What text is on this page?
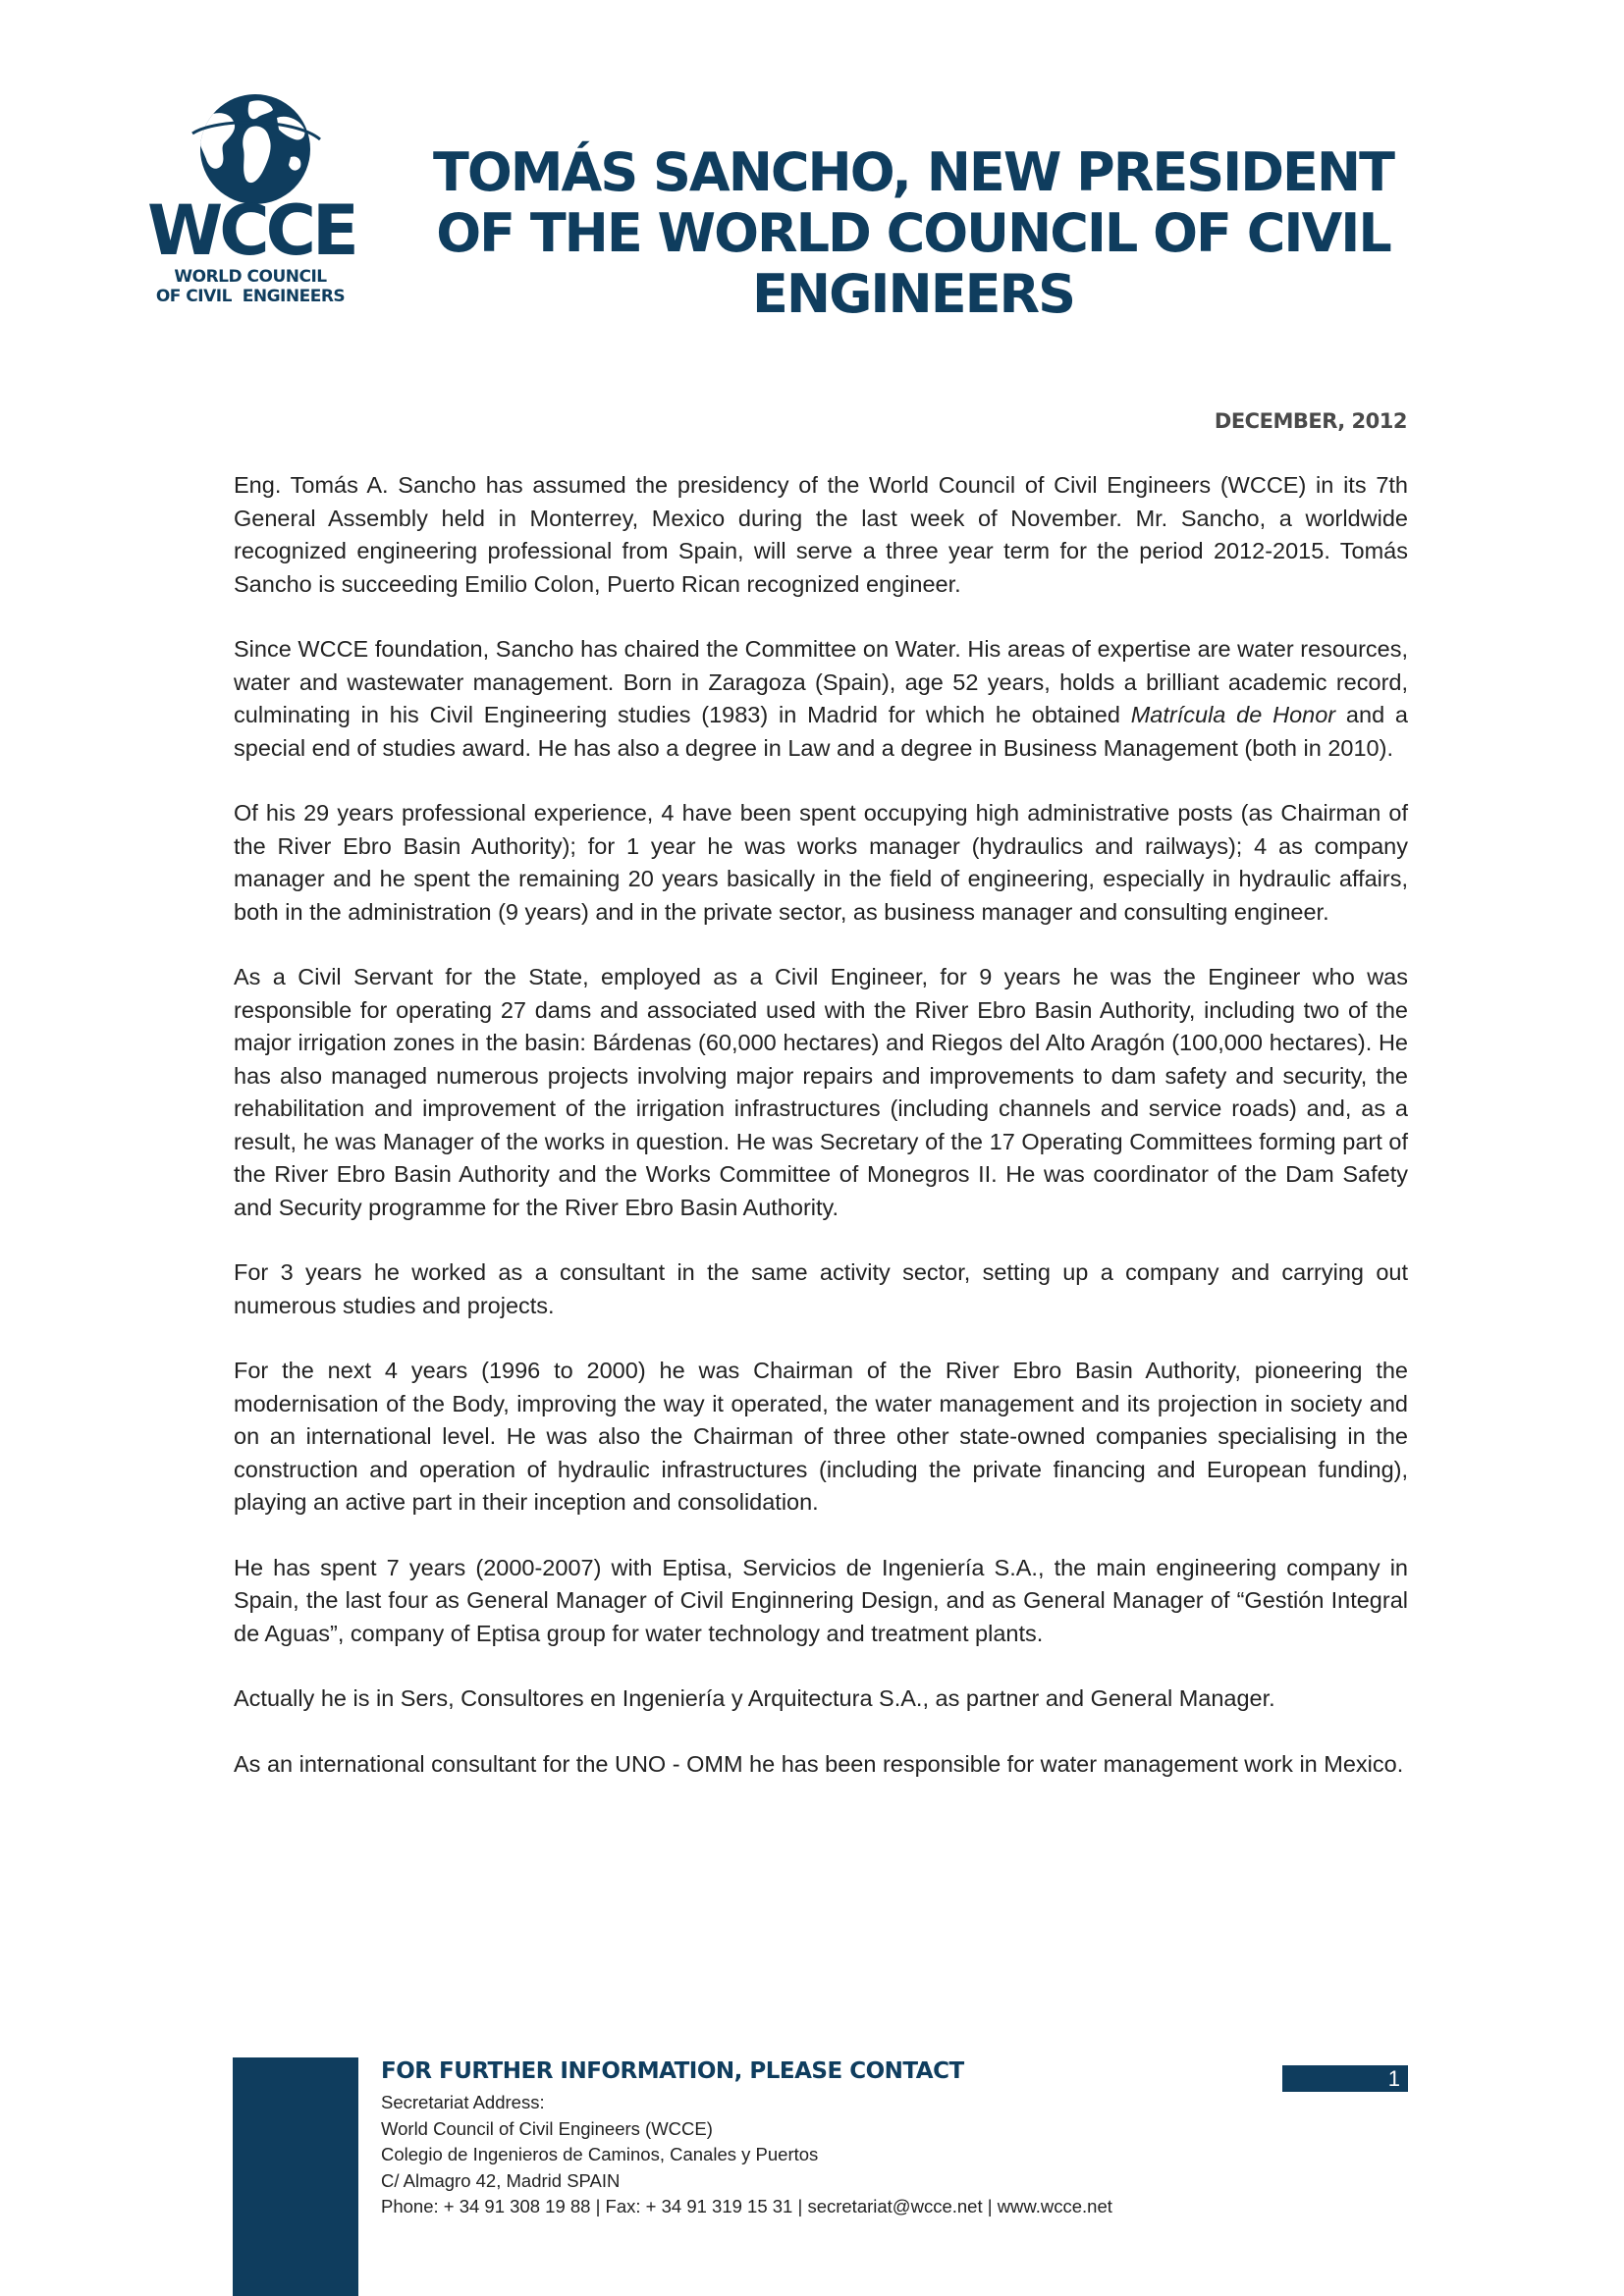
WCCE
WORLD COUNCIL
OF CIVIL  ENGINEERS
TOMÁS SANCHO, NEW PRESIDENT
OF THE WORLD COUNCIL OF CIVIL
ENGINEERS
DECEMBER, 2012

Eng. Tomás A. Sancho has assumed the presidency of the World Council of Civil Engineers (WCCE) in its 7th General Assembly held in Monterrey, Mexico during the last week of November. Mr. Sancho, a worldwide recognized engineering professional from Spain, will serve a three year term for the period 2012-2015. Tomás Sancho is succeeding Emilio Colon, Puerto Rican recognized engineer.

Since WCCE foundation, Sancho has chaired the Committee on Water. His areas of expertise are water resources, water and wastewater management. Born in Zaragoza (Spain), age 52 years, holds a brilliant academic record, culminating in his Civil Engineering studies (1983) in Madrid for which he obtained Matrícula de Honor and a special end of studies award. He has also a degree in Law and a degree in Business Management (both in 2010).

Of his 29 years professional experience, 4 have been spent occupying high administrative posts (as Chairman of the River Ebro Basin Authority); for 1 year he was works manager (hydraulics and railways); 4 as company manager and he spent the remaining 20 years basically in the field of engineering, especially in hydraulic affairs, both in the administration (9 years) and in the private sector, as business manager and consulting engineer.

As a Civil Servant for the State, employed as a Civil Engineer, for 9 years he was the Engineer who was responsible for operating 27 dams and associated used with the River Ebro Basin Authority, including two of the major irrigation zones in the basin: Bárdenas (60,000 hectares) and Riegos del Alto Aragón (100,000 hectares). He has also managed numerous projects involving major repairs and improvements to dam safety and security, the rehabilitation and improvement of the irrigation infrastructures (including channels and service roads) and, as a result, he was Manager of the works in question. He was Secretary of the 17 Operating Committees forming part of the River Ebro Basin Authority and the Works Committee of Monegros II. He was coordinator of the Dam Safety and Security programme for the River Ebro Basin Authority.

For 3 years he worked as a consultant in the same activity sector, setting up a company and carrying out numerous studies and projects.

For the next 4 years (1996 to 2000) he was Chairman of the River Ebro Basin Authority, pioneering the modernisation of the Body, improving the way it operated, the water management and its projection in society and on an international level. He was also the Chairman of three other state-owned companies specialising in the construction and operation of hydraulic infrastructures (including the private financing and European funding), playing an active part in their inception and consolidation.

He has spent 7 years (2000-2007) with Eptisa, Servicios de Ingeniería S.A., the main engineering company in Spain, the last four as General Manager of Civil Enginnering Design, and as General Manager of “Gestión Integral de Aguas”, company of Eptisa group for water technology and treatment plants.

Actually he is in Sers, Consultores en Ingeniería y Arquitectura S.A., as partner and General Manager.

As an international consultant for the UNO - OMM he has been responsible for water management work in Mexico.

FOR FURTHER INFORMATION, PLEASE CONTACT
Secretariat Address:
World Council of Civil Engineers (WCCE)
Colegio de Ingenieros de Caminos, Canales y Puertos
C/ Almagro 42, Madrid SPAIN
Phone: + 34 91 308 19 88 | Fax: + 34 91 319 15 31 | secretariat@wcce.net | www.wcce.net
1
